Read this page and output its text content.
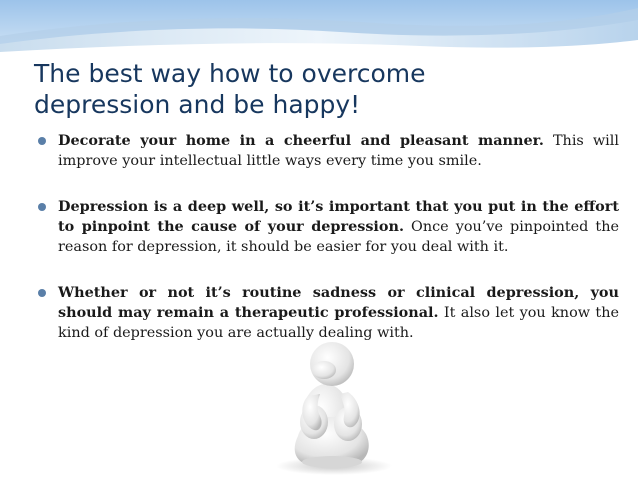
The best way how to overcome
depression and be happy!
Decorate your home in a cheerful and pleasant manner. This will improve your intellectual little ways every time you smile.
Depression is a deep well, so it’s important that you put in the effort to pinpoint the cause of your depression. Once you’ve pinpointed the reason for depression, it should be easier for you deal with it.
Whether or not it’s routine sadness or clinical depression, you should may remain a therapeutic professional. It also let you know the kind of depression you are actually dealing with.
